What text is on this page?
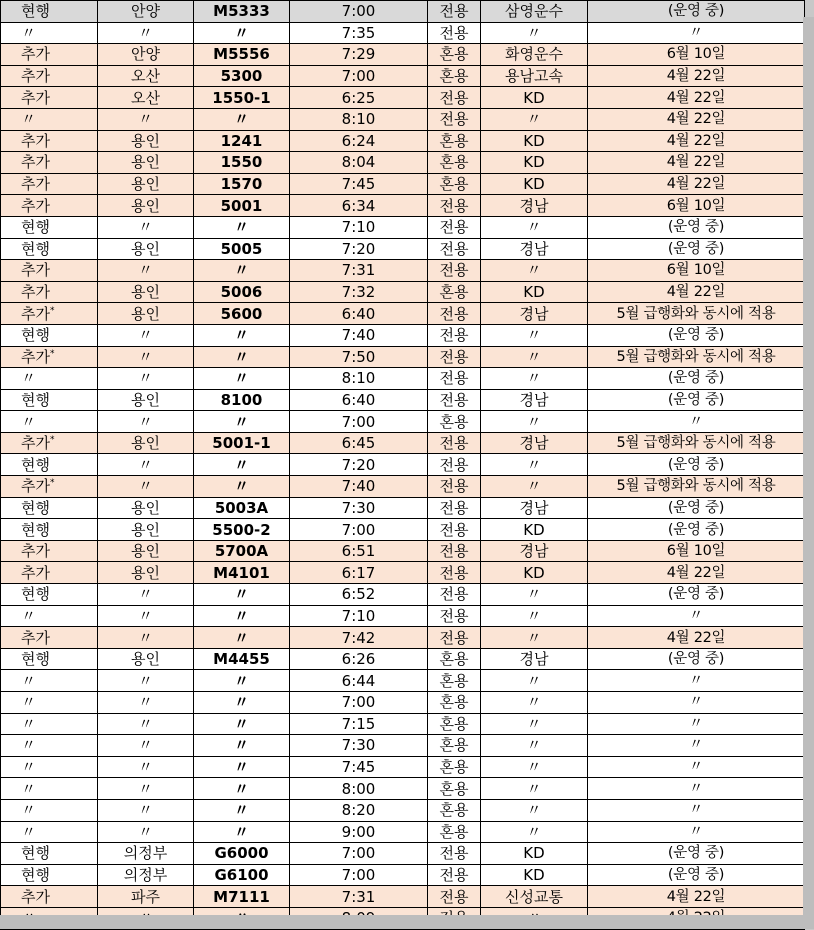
현행	안양	M5333	7:00	전용	삼영운수	(운영 중)
〃	〃	〃	7:35	전용	〃	〃
추가	안양	M5556	7:29	혼용	화영운수	6월 10일
추가	오산	5300	7:00	혼용	용남고속	4월 22일
추가	오산	1550-1	6:25	전용	KD	4월 22일
〃	〃	〃	8:10	전용	〃	4월 22일
추가	용인	1241	6:24	혼용	KD	4월 22일
추가	용인	1550	8:04	혼용	KD	4월 22일
추가	용인	1570	7:45	혼용	KD	4월 22일
추가	용인	5001	6:34	전용	경남	6월 10일
현행	〃	〃	7:10	전용	〃	(운영 중)
현행	용인	5005	7:20	전용	경남	(운영 중)
추가	〃	〃	7:31	전용	〃	6월 10일
추가	용인	5006	7:32	혼용	KD	4월 22일
추가*	용인	5600	6:40	전용	경남	5월 급행화와 동시에 적용
현행	〃	〃	7:40	전용	〃	(운영 중)
추가*	〃	〃	7:50	전용	〃	5월 급행화와 동시에 적용
〃	〃	〃	8:10	전용	〃	(운영 중)
현행	용인	8100	6:40	전용	경남	(운영 중)
〃	〃	〃	7:00	혼용	〃	〃
추가*	용인	5001-1	6:45	전용	경남	5월 급행화와 동시에 적용
현행	〃	〃	7:20	전용	〃	(운영 중)
추가*	〃	〃	7:40	전용	〃	5월 급행화와 동시에 적용
현행	용인	5003A	7:30	전용	경남	(운영 중)
현행	용인	5500-2	7:00	전용	KD	(운영 중)
추가	용인	5700A	6:51	전용	경남	6월 10일
추가	용인	M4101	6:17	전용	KD	4월 22일
현행	〃	〃	6:52	전용	〃	(운영 중)
〃	〃	〃	7:10	전용	〃	〃
추가	〃	〃	7:42	전용	〃	4월 22일
현행	용인	M4455	6:26	혼용	경남	(운영 중)
〃	〃	〃	6:44	혼용	〃	〃
〃	〃	〃	7:00	혼용	〃	〃
〃	〃	〃	7:15	혼용	〃	〃
〃	〃	〃	7:30	혼용	〃	〃
〃	〃	〃	7:45	혼용	〃	〃
〃	〃	〃	8:00	혼용	〃	〃
〃	〃	〃	8:20	혼용	〃	〃
〃	〃	〃	9:00	혼용	〃	〃
현행	의정부	G6000	7:00	전용	KD	(운영 중)
현행	의정부	G6100	7:00	전용	KD	(운영 중)
추가	파주	M7111	7:31	전용	신성교통	4월 22일
